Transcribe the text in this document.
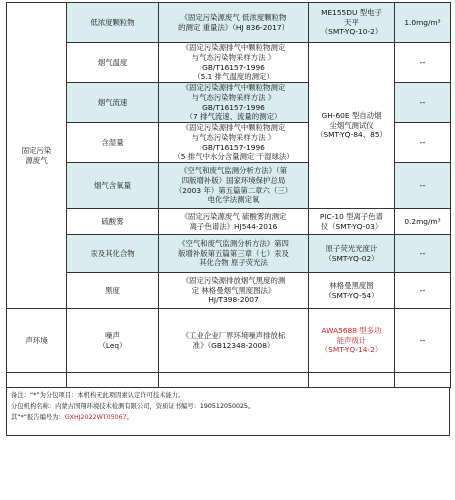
固定污染
源废气	低浓度颗粒物	《固定污染源废气 低浓度颗粒物
的测定 重量法》（HJ 836-2017）	ME155DU 型电子
天平
（SMT-YQ-10-2）	1.0mg/m³
	烟气温度	《固定污染源排气中颗粒物测定
与气态污染物采样方法 》
GB/T16157-1996
（5.1 排气温度的测定）	GH-60E 型自动烟
尘烟气测试仪
（SMT-YQ-84、85）	--
	烟气流速	《固定污染源排气中颗粒物测定
与气态污染物采样方法 》
GB/T16157-1996
（7 排气流速、流量的测定）		--
	含湿量	《固定污染源排气中颗粒物测定
与气态污染物采样方法 》
GB/T16157-1996
（5 排气中水分含量测定 干湿球法）		--
	烟气含氧量	《空气和废气监测分析方法》（第
四版增补版）国家环境保护总局
（2003 年）第五篇第二章六（三）
电化学法测定氧		--
	硫酸雾	《固定污染源废气 硫酸雾的测定
离子色谱法》HJ544-2016	PIC-10 型离子色谱
仪（SMT-YQ-03）	0.2mg/m³
	汞及其化合物	《空气和废气监测分析方法》第四
版增补版第五篇第三章（七）汞及
其化合物 原子荧光法	原子荧光光度计
（SMT-YQ-02）	--
	黑度	《固定污染源排放烟气黑度的测
定 林格曼烟气黑度图法》
HJ/T398-2007	林格曼黑度图
（SMT-YQ-54）	--
声环境	噪声
（Leq）	《工业企业厂界环境噪声排放标
准》（GB12348-2008）	AWA5688 型多功
能声级计
（SMT-YQ-14-2）	--

备注：“*”为分包项目：本机构无此项因素认定许可技术能力。
分包机构名称：内蒙古国翔环境技术检测有限公司，资质证书编号：190512050025。
其“*”报告编号为：GXHJ2022WT05067。
